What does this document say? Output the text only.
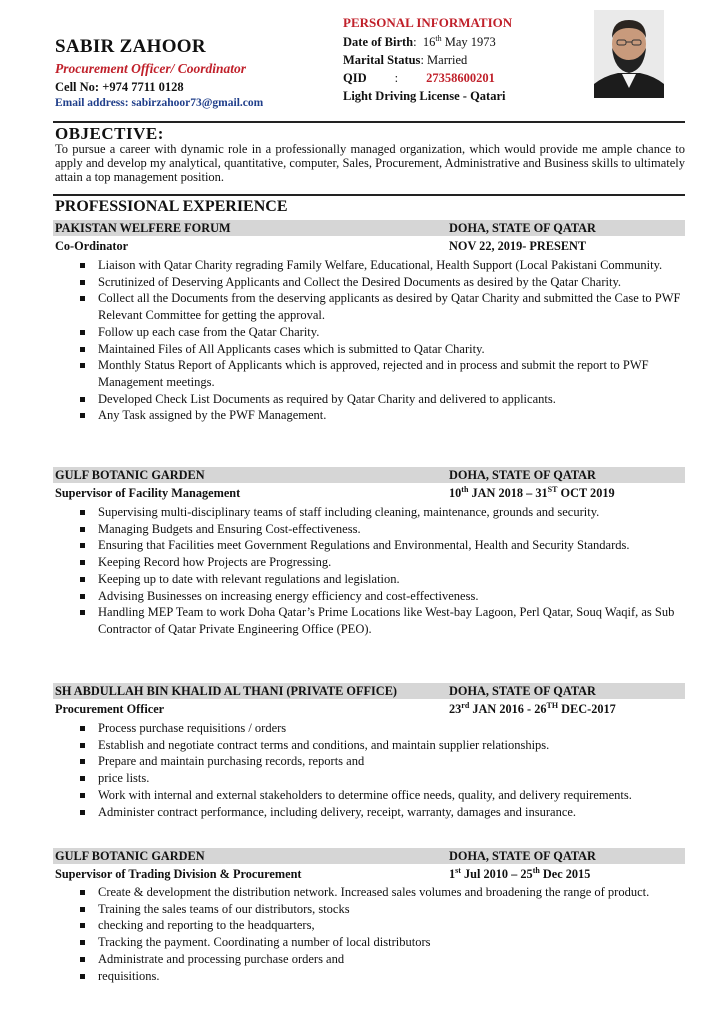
SABIR ZAHOOR
Procurement Officer/ Coordinator
Cell No: +974 7711 0128
Email address: sabirzahoor73@gmail.com
PERSONAL INFORMATION
Date of Birth:  16th May 1973
Marital Status: Married
QID : 27358600201
Light Driving License - Qatari
OBJECTIVE:
To pursue a career with dynamic role in a professionally managed organization, which would provide me ample chance to apply and develop my analytical, quantitative, computer, Sales, Procurement, Administrative and Business skills to ultimately attain a top management position.
PROFESSIONAL EXPERIENCE
PAKISTAN WELFERE FORUM	DOHA, STATE OF QATAR
Co-Ordinator	NOV 22, 2019- PRESENT
Liaison with Qatar Charity regrading Family Welfare, Educational, Health Support (Local Pakistani Community.
Scrutinized of Deserving Applicants and Collect the Desired Documents as desired by the Qatar Charity.
Collect all the Documents from the deserving applicants as desired by Qatar Charity and submitted the Case to PWF Relevant Committee for getting the approval.
Follow up each case from the Qatar Charity.
Maintained Files of All Applicants cases which is submitted to Qatar Charity.
Monthly Status Report of Applicants which is approved, rejected and in process and submit the report to PWF Management meetings.
Developed Check List Documents as required by Qatar Charity and delivered to applicants.
Any Task assigned by the PWF Management.
GULF BOTANIC GARDEN	DOHA, STATE OF QATAR
Supervisor of Facility Management	10th JAN 2018 – 31ST OCT 2019
Supervising multi-disciplinary teams of staff including cleaning, maintenance, grounds and security.
Managing Budgets and Ensuring Cost-effectiveness.
Ensuring that Facilities meet Government Regulations and Environmental, Health and Security Standards.
Keeping Record how Projects are Progressing.
Keeping up to date with relevant regulations and legislation.
Advising Businesses on increasing energy efficiency and cost-effectiveness.
Handling MEP Team to work Doha Qatar’s Prime Locations like West-bay Lagoon, Perl Qatar, Souq Waqif, as Sub Contractor of Qatar Private Engineering Office (PEO).
SH ABDULLAH BIN KHALID AL THANI (PRIVATE OFFICE)	DOHA, STATE OF QATAR
Procurement Officer	23rd JAN 2016 - 26TH DEC-2017
Process purchase requisitions / orders
Establish and negotiate contract terms and conditions, and maintain supplier relationships.
Prepare and maintain purchasing records, reports and
price lists.
Work with internal and external stakeholders to determine office needs, quality, and delivery requirements.
Administer contract performance, including delivery, receipt, warranty, damages and insurance.
GULF BOTANIC GARDEN	DOHA, STATE OF QATAR
Supervisor of Trading Division & Procurement	1st Jul 2010 – 25th Dec 2015
Create & development the distribution network. Increased sales volumes and broadening the range of product.
Training the sales teams of our distributors, stocks
checking and reporting to the headquarters,
Tracking the payment. Coordinating a number of local distributors
Administrate and processing purchase orders and
requisitions.
